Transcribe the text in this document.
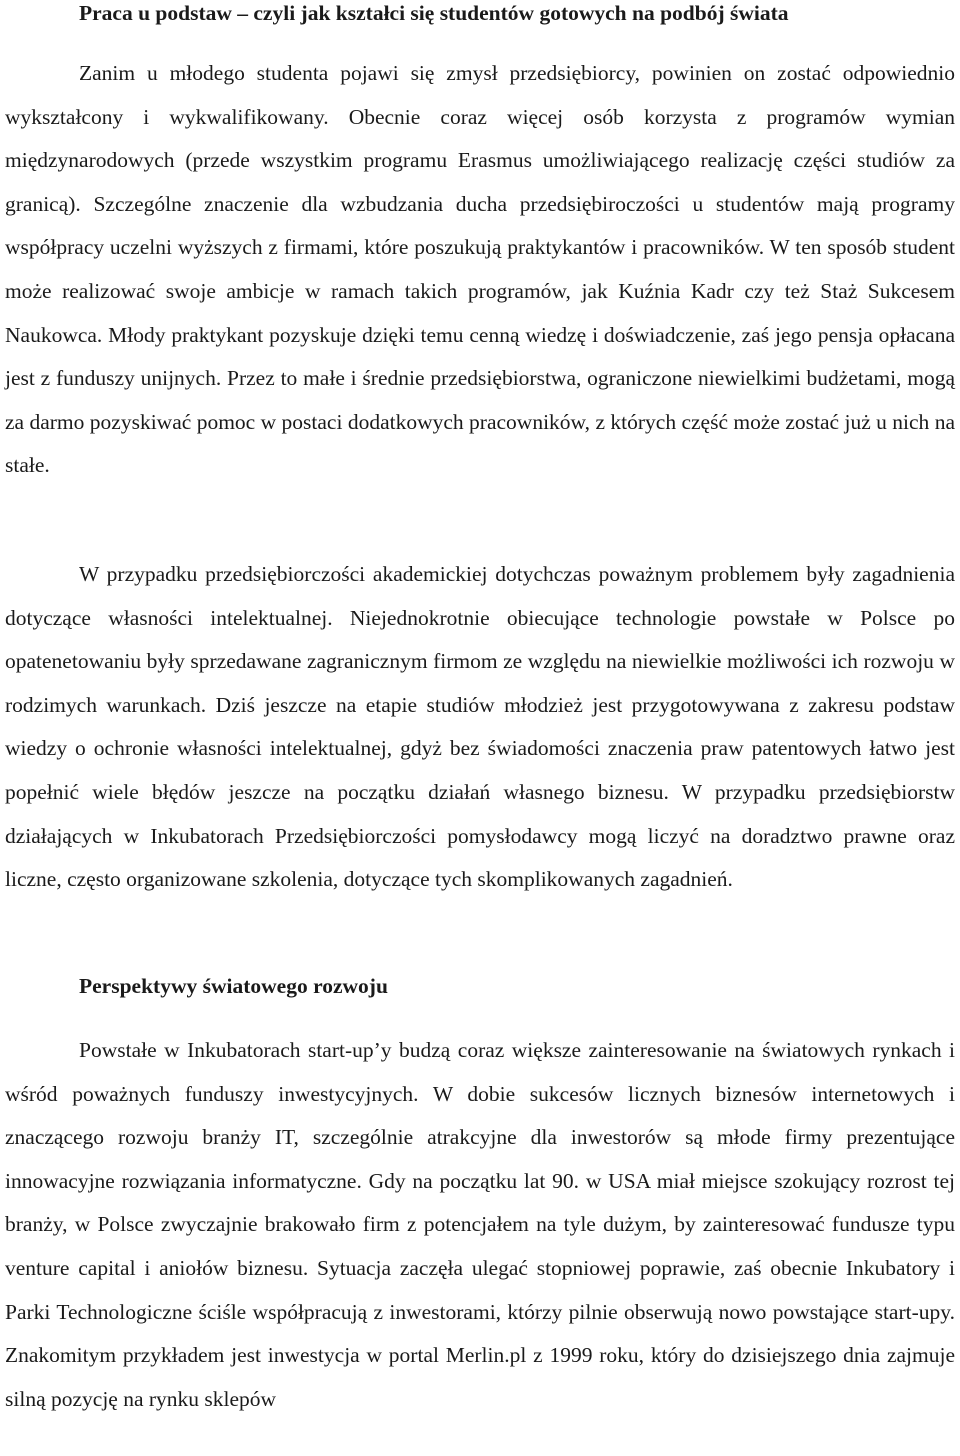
Praca u podstaw – czyli jak kształci się studentów gotowych na podbój świata

Zanim u młodego studenta pojawi się zmysł przedsiębiorcy, powinien on zostać odpowiednio wykształcony i wykwalifikowany. Obecnie coraz więcej osób korzysta z programów wymian międzynarodowych (przede wszystkim programu Erasmus umożliwiającego realizację części studiów za granicą). Szczególne znaczenie dla wzbudzania ducha przedsiębiroczości u studentów mają programy współpracy uczelni wyższych z firmami, które poszukują praktykantów i pracowników. W ten sposób student może realizować swoje ambicje w ramach takich programów, jak Kuźnia Kadr czy też Staż Sukcesem Naukowca. Młody praktykant pozyskuje dzięki temu cenną wiedzę i doświadczenie, zaś jego pensja opłacana jest z funduszy unijnych. Przez to małe i średnie przedsiębiorstwa, ograniczone niewielkimi budżetami, mogą za darmo pozyskiwać pomoc w postaci dodatkowych pracowników, z których część może zostać już u nich na stałe.

W przypadku przedsiębiorczości akademickiej dotychczas poważnym problemem były zagadnienia dotyczące własności intelektualnej. Niejednokrotnie obiecujące technologie powstałe w Polsce po opatenetowaniu były sprzedawane zagranicznym firmom ze względu na niewielkie możliwości ich rozwoju w rodzimych warunkach. Dziś jeszcze na etapie studiów młodzież jest przygotowywana z zakresu podstaw wiedzy o ochronie własności intelektualnej, gdyż bez świadomości znaczenia praw patentowych łatwo jest popełnić wiele błędów jeszcze na początku działań własnego biznesu. W przypadku przedsiębiorstw działających w Inkubatorach Przedsiębiorczości pomysłodawcy mogą liczyć na doradztwo prawne oraz liczne, często organizowane szkolenia, dotyczące tych skomplikowanych zagadnień.

Perspektywy światowego rozwoju

Powstałe w Inkubatorach start-up’y budzą coraz większe zainteresowanie na światowych rynkach i wśród poważnych funduszy inwestycyjnych. W dobie sukcesów licznych biznesów internetowych i znaczącego rozwoju branży IT, szczególnie atrakcyjne dla inwestorów są młode firmy prezentujące innowacyjne rozwiązania informatyczne. Gdy na początku lat 90. w USA miał miejsce szokujący rozrost tej branży, w Polsce zwyczajnie brakowało firm z potencjałem na tyle dużym, by zainteresować fundusze typu venture capital i aniołów biznesu. Sytuacja zaczęła ulegać stopniowej poprawie, zaś obecnie Inkubatory i Parki Technologiczne ściśle współpracują z inwestorami, którzy pilnie obserwują nowo powstające start-upy. Znakomitym przykładem jest inwestycja w portal Merlin.pl z 1999 roku, który do dzisiejszego dnia zajmuje silną pozycję na rynku sklepów
